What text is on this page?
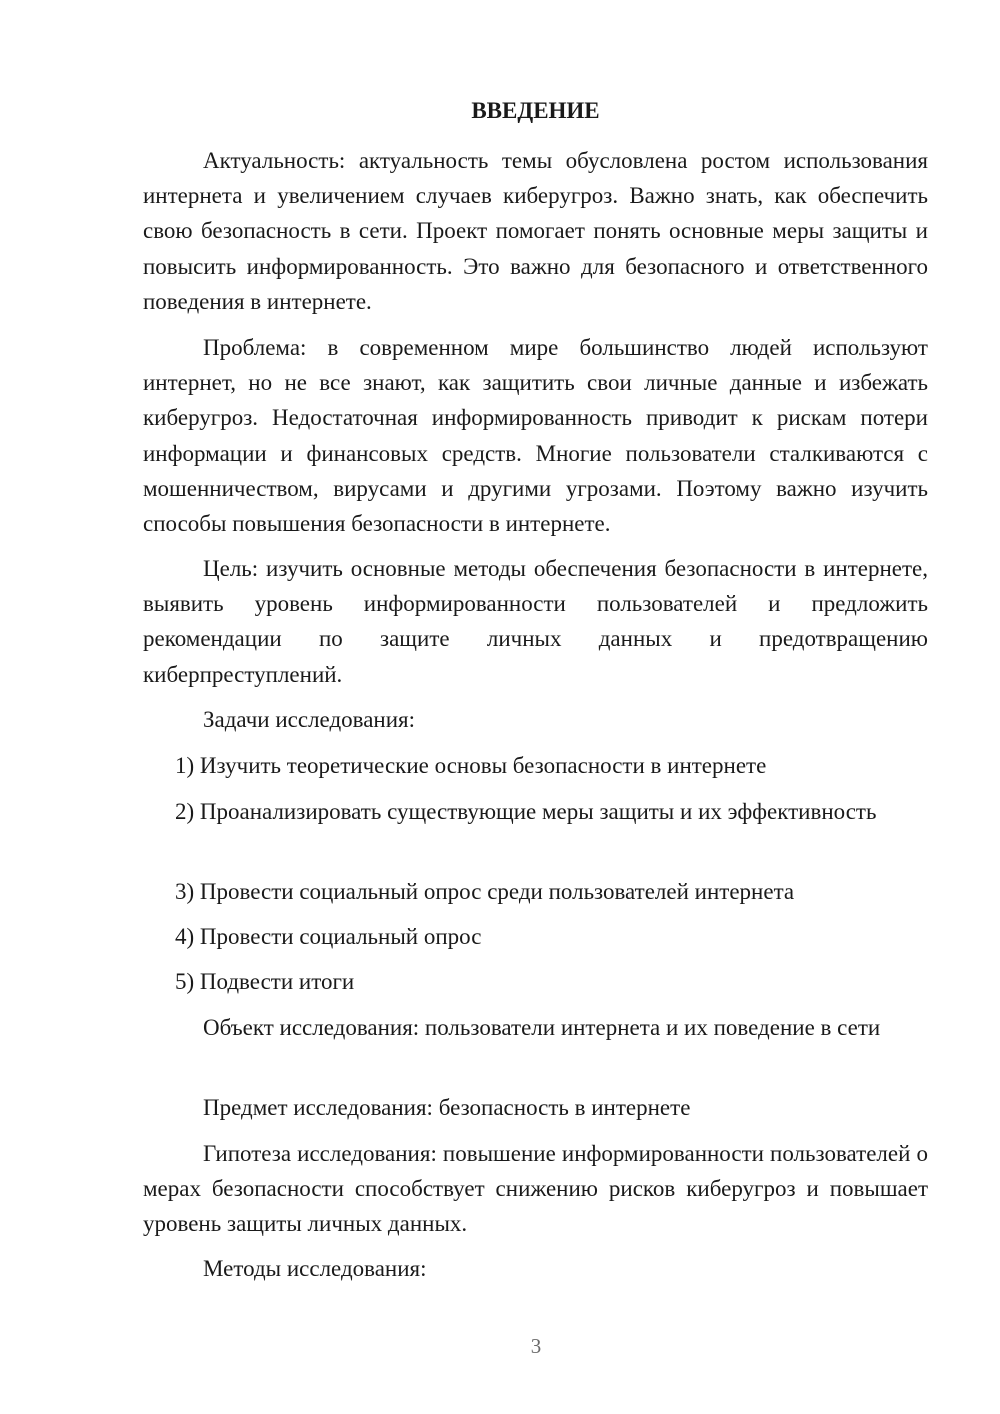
ВВЕДЕНИЕ

Актуальность: актуальность темы обусловлена ростом использования интернета и увеличением случаев киберугроз. Важно знать, как обеспечить свою безопасность в сети. Проект помогает понять основные меры защиты и повысить информированность. Это важно для безопасного и ответственного поведения в интернете.

Проблема: в современном мире большинство людей используют интернет, но не все знают, как защитить свои личные данные и избежать киберугроз. Недостаточная информированность приводит к рискам потери информации и финансовых средств. Многие пользователи сталкиваются с мошенничеством, вирусами и другими угрозами. Поэтому важно изучить способы повышения безопасности в интернете.

Цель: изучить основные методы обеспечения безопасности в интернете, выявить уровень информированности пользователей и предложить рекомендации по защите личных данных и предотвращению киберпреступлений.

Задачи исследования:

1) Изучить теоретические основы безопасности в интернете

2) Проанализировать существующие меры защиты и их эффективность

3) Провести социальный опрос среди пользователей интернета

4) Провести социальный опрос

5) Подвести итоги

Объект исследования: пользователи интернета и их поведение в сети

Предмет исследования: безопасность в интернете

Гипотеза исследования: повышение информированности пользователей о мерах безопасности способствует снижению рисков киберугроз и повышает уровень защиты личных данных.

Методы исследования:

3
